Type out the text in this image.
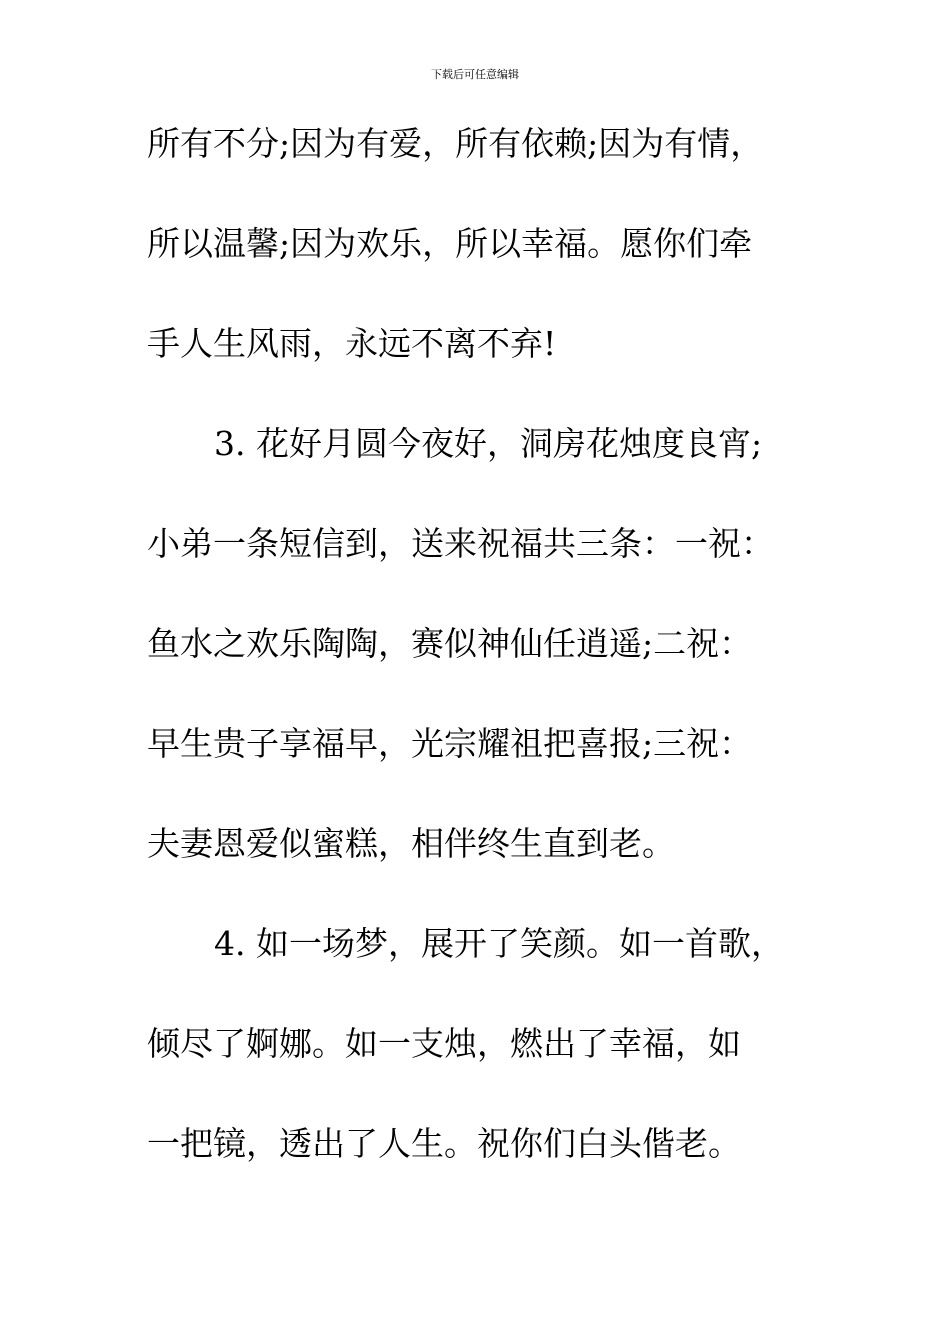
下载后可任意编辑
所有不分;因为有爱，所有依赖;因为有情，
所以温馨;因为欢乐，所以幸福。愿你们牵
手人生风雨，永远不离不弃!
3. 花好月圆今夜好，洞房花烛度良宵;
小弟一条短信到，送来祝福共三条：一祝：
鱼水之欢乐陶陶，赛似神仙任逍遥;二祝：
早生贵子享福早，光宗耀祖把喜报;三祝：
夫妻恩爱似蜜糕，相伴终生直到老。
4. 如一场梦，展开了笑颜。如一首歌，
倾尽了婀娜。如一支烛，燃出了幸福，如
一把镜，透出了人生。祝你们白头偕老。
